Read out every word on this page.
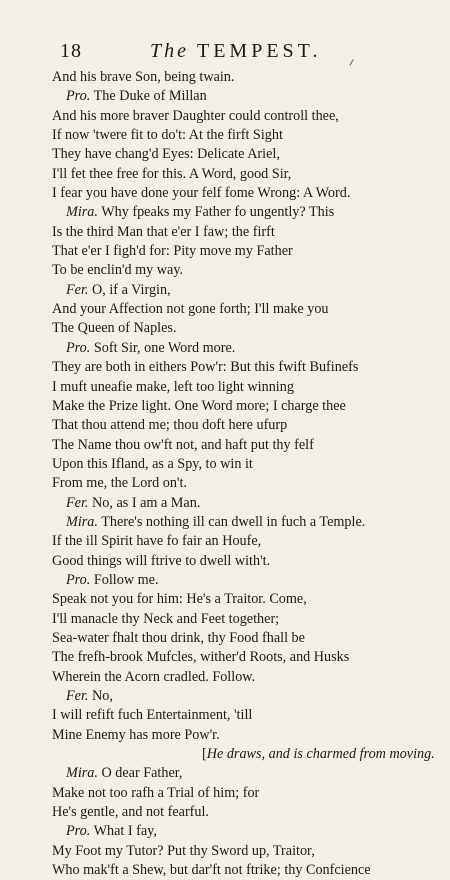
18	The TEMPEST.
And his brave Son, being twain.
Pro. The Duke of Millan
And his more braver Daughter could controll thee,
If now 'twere fit to do't: At the firft Sight
They have chang'd Eyes: Delicate Ariel,
I'll fet thee free for this. A Word, good Sir,
I fear you have done your felf fome Wrong: A Word.
Mira. Why fpeaks my Father fo ungently? This
Is the third Man that e'er I faw; the firft
That e'er I figh'd for: Pity move my Father
To be enclin'd my way.
Fer. O, if a Virgin,
And your Affection not gone forth; I'll make you
The Queen of Naples.
Pro. Soft Sir, one Word more.
They are both in eithers Pow'r: But this fwift Bufinefs
I muft uneafie make, left too light winning
Make the Prize light. One Word more; I charge thee
That thou attend me; thou doft here ufurp
The Name thou ow'ft not, and haft put thy felf
Upon this Ifland, as a Spy, to win it
From me, the Lord on't.
Fer. No, as I am a Man.
Mira. There's nothing ill can dwell in fuch a Temple.
If the ill Spirit have fo fair an Houfe,
Good things will ftrive to dwell with't.
Pro. Follow me.
Speak not you for him: He's a Traitor. Come,
I'll manacle thy Neck and Feet together;
Sea-water fhalt thou drink, thy Food fhall be
The frefh-brook Mufcles, wither'd Roots, and Husks
Wherein the Acorn cradled. Follow.
Fer. No,
I will refift fuch Entertainment, 'till
Mine Enemy has more Pow'r.
[He draws, and is charmed from moving.
Mira. O dear Father,
Make not too rafh a Trial of him; for
He's gentle, and not fearful.
Pro. What I fay,
My Foot my Tutor? Put thy Sword up, Traitor,
Who mak'ft a Shew, but dar'ft not ftrike; thy Confcience
